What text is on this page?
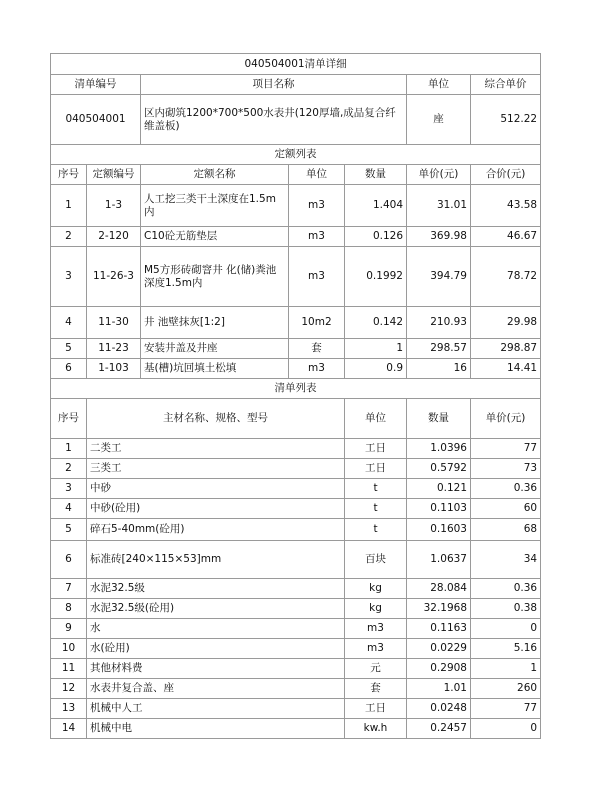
040504001清单详细							
清单编号		项目名称			单位	综合单价	
040504001		区内砌筑1200*700*500水表井(120厚墙,成品复合纤维盖板)			座	512.22	
定额列表							
序号	定额编号	定额名称	单位	数量	单价(元)	合价(元)	
1	1-3	人工挖三类干土深度在1.5m内	m3	1.404	31.01	43.58	
2	2-120	C10砼无筋垫层	m3	0.126	369.98	46.67	
3	11-26-3	M5方形砖砌窨井 化(储)粪池深度1.5m内	m3	0.1992	394.79	78.72	
4	11-30	井 池壁抹灰[1:2]	10m2	0.142	210.93	29.98	
5	11-23	安装井盖及井座	套	1	298.57	298.87	
6	1-103	基(槽)坑回填土松填	m3	0.9	16	14.41	
清单列表							
序号	主材名称、规格、型号			单位	数量	单价(元)	
1	二类工			工日	1.0396	77	
2	三类工			工日	0.5792	73	
3	中砂			t	0.121	0.36	
4	中砂(砼用)			t	0.1103	60	
5	碎石5-40mm(砼用)			t	0.1603	68	
6	标准砖[240×115×53]mm			百块	1.0637	34	
7	水泥32.5级			kg	28.084	0.36	
8	水泥32.5级(砼用)			kg	32.1968	0.38	
9	水			m3	0.1163	0	
10	水(砼用)			m3	0.0229	5.16	
11	其他材料费			元	0.2908	1	
12	水表井复合盖、座			套	1.01	260	
13	机械中人工			工日	0.0248	77	
14	机械中电			kw.h	0.2457	0	
